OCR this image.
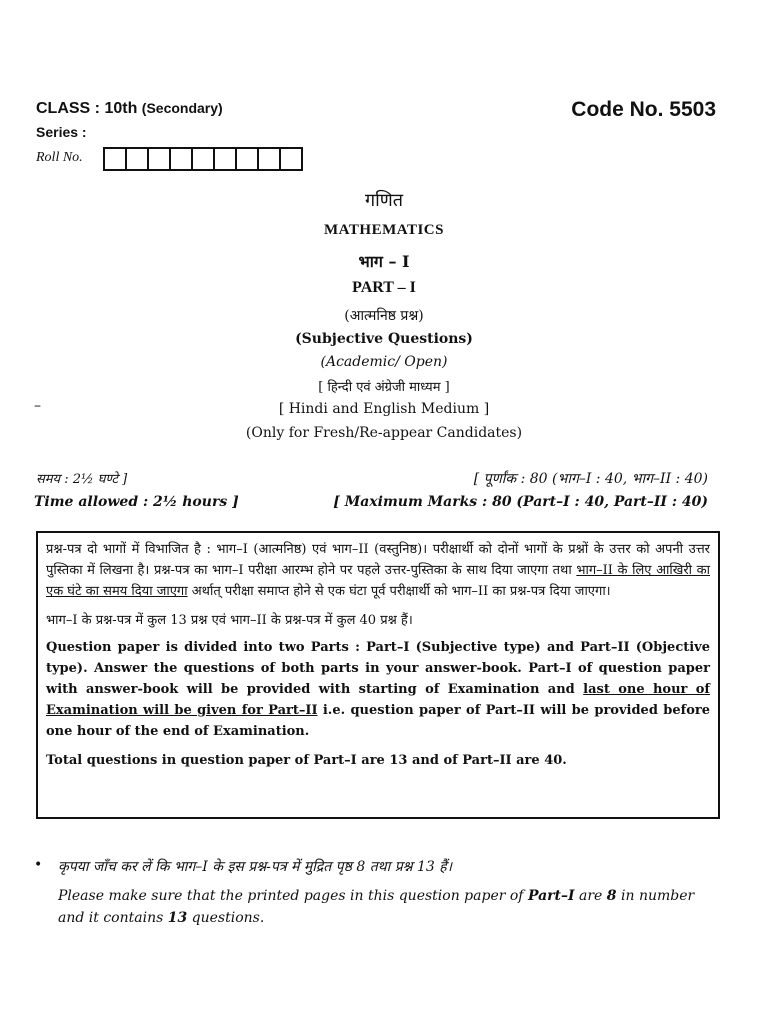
CLASS : 10th (Secondary)
Series :
Roll No.
Code No. 5503
गणित
MATHEMATICS
भाग – I
PART – I
(आत्मनिष्ठ प्रश्न)
(Subjective Questions)
(Academic/ Open)
[ हिन्दी एवं अंग्रेजी माध्यम ]
[ Hindi and English Medium ]
(Only for Fresh/Re-appear Candidates)
–
समय : 2½ घण्टे ]	[ पूर्णांक : 80 (भाग–I : 40, भाग–II : 40)
Time allowed : 2½ hours ]	[ Maximum Marks : 80 (Part–I : 40, Part–II : 40)
प्रश्न-पत्र दो भागों में विभाजित है : भाग–I (आत्मनिष्ठ) एवं भाग–II (वस्तुनिष्ठ)। परीक्षार्थी को दोनों भागों के प्रश्नों के उत्तर को अपनी उत्तर पुस्तिका में लिखना है। प्रश्न-पत्र का भाग–I परीक्षा आरम्भ होने पर पहले उत्तर-पुस्तिका के साथ दिया जाएगा तथा भाग–II के लिए आखिरी का एक घंटे का समय दिया जाएगा अर्थात् परीक्षा समाप्त होने से एक घंटा पूर्व परीक्षार्थी को भाग–II का प्रश्न-पत्र दिया जाएगा।
भाग–I के प्रश्न-पत्र में कुल 13 प्रश्न एवं भाग–II के प्रश्न-पत्र में कुल 40 प्रश्न हैं।
Question paper is divided into two Parts : Part–I (Subjective type) and Part–II (Objective type). Answer the questions of both parts in your answer-book. Part–I of question paper with answer-book will be provided with starting of Examination and last one hour of Examination will be given for Part–II i.e. question paper of Part–II will be provided before one hour of the end of Examination.
Total questions in question paper of Part–I are 13 and of Part–II are 40.
• कृपया जाँच कर लें कि भाग–I के इस प्रश्न-पत्र में मुद्रित पृष्ठ 8 तथा प्रश्न 13 हैं।
Please make sure that the printed pages in this question paper of Part–I are 8 in number and it contains 13 questions.
